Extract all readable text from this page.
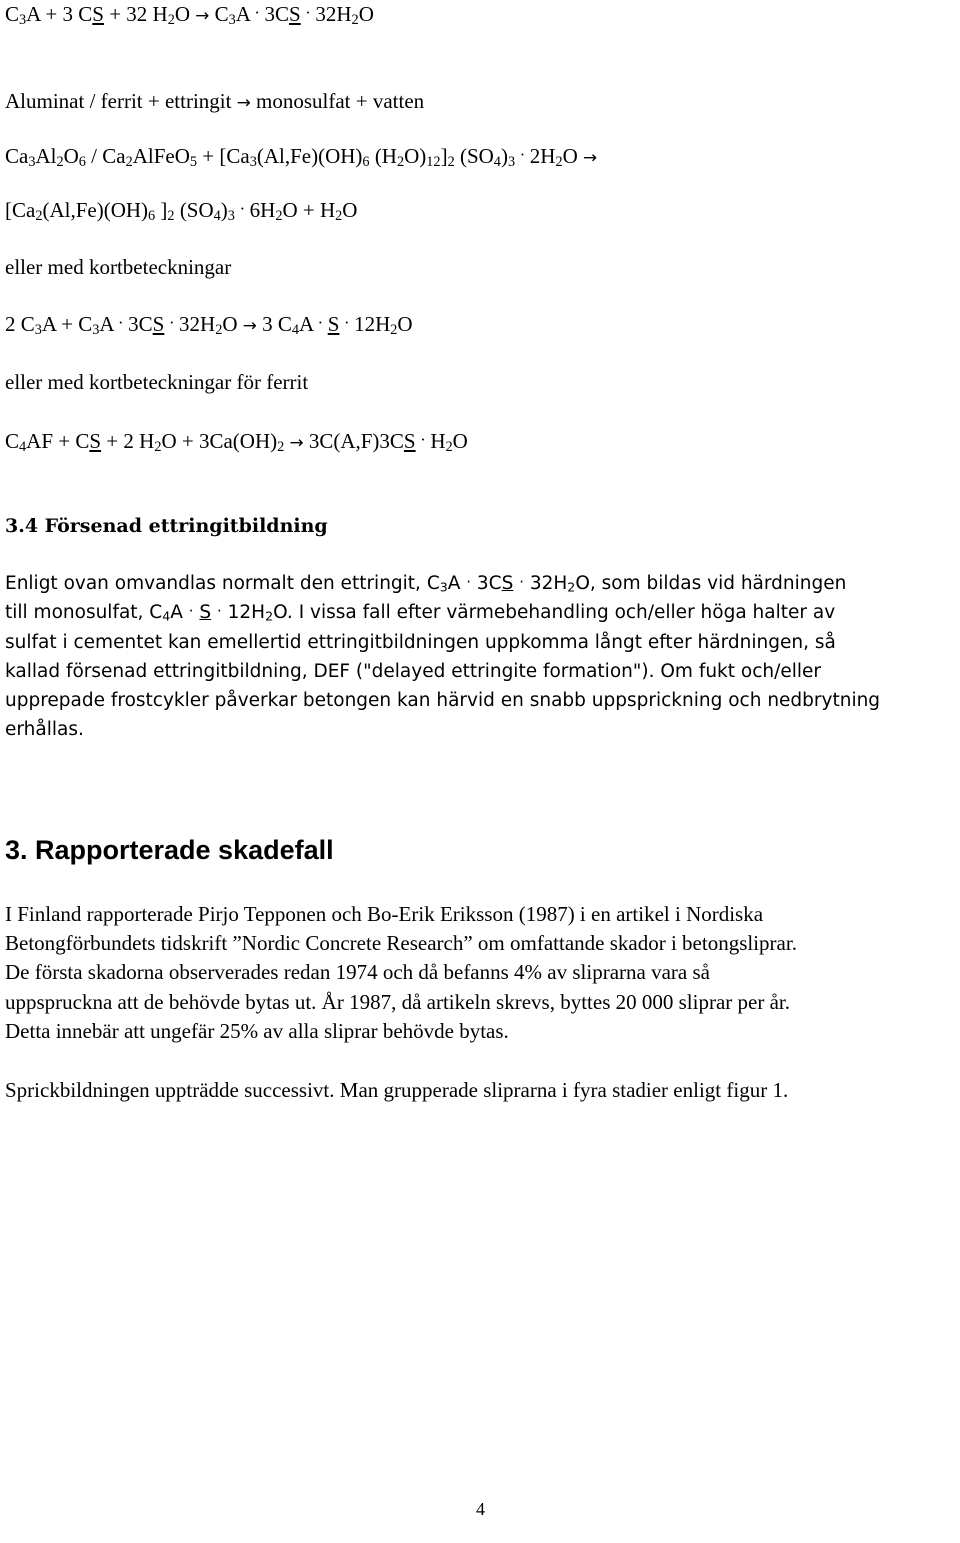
$C_3A + 3$ CS + 32 $H_2O \to C_3A$ . 3CS . $32H_2O$
Aluminat / ferrit + ettringit → monosulfat + vatten
$Ca_3Al_2O_6$ / $Ca_2AlFeO_5 + [Ca_3(Al,Fe)(OH)_6$ $(H_2O)_{12}]_2$ $(SO_4)_3$ . $2H_2O$ →
[$Ca_2(Al,Fe)(OH)_6$ ]$_2$ $(SO_4)_3$ . $6H_2O + H_2O$
eller med kortbeteckningar
2 $C_3A + C_3A$ . 3CS . $32H_2O \to 3$ $C_4A$ . S . $12H_2O$
eller med kortbeteckningar för ferrit
$C_4AF$ + CS + 2 $H_2O + 3Ca(OH)_2 \to 3C(A,F)3CS$ . $H_2O$
3.4 Försenad ettringitbildning
Enligt ovan omvandlas normalt den ettringit, $C_3A$ . 3CS . $32H_2O$, som bildas vid härdningen
till monosulfat, $C_4A$ . S . $12H_2O$. I vissa fall efter värmebehandling och/eller höga halter av
sulfat i cementet kan emellertid ettringitbildningen uppkomma långt efter härdningen, så
kallad försenad ettringitbildning, DEF ("delayed ettringite formation"). Om fukt och/eller
upprepade frostcykler påverkar betongen kan härvid en snabb uppsprickning och nedbrytning
erhållas.
3. Rapporterade skadefall
I Finland rapporterade Pirjo Tepponen och Bo-Erik Eriksson (1987) i en artikel i Nordiska
Betongförbundets tidskrift ”Nordic Concrete Research” om omfattande skador i betongsliprar.
De första skadorna observerades redan 1974 och då befanns 4% av sliprarna vara så
uppspruckna att de behövde bytas ut. År 1987, då artikeln skrevs, byttes 20 000 sliprar per år.
Detta innebär att ungefär 25% av alla sliprar behövde bytas.
Sprickbildningen uppträdde successivt. Man grupperade sliprarna i fyra stadier enligt figur 1.
4
